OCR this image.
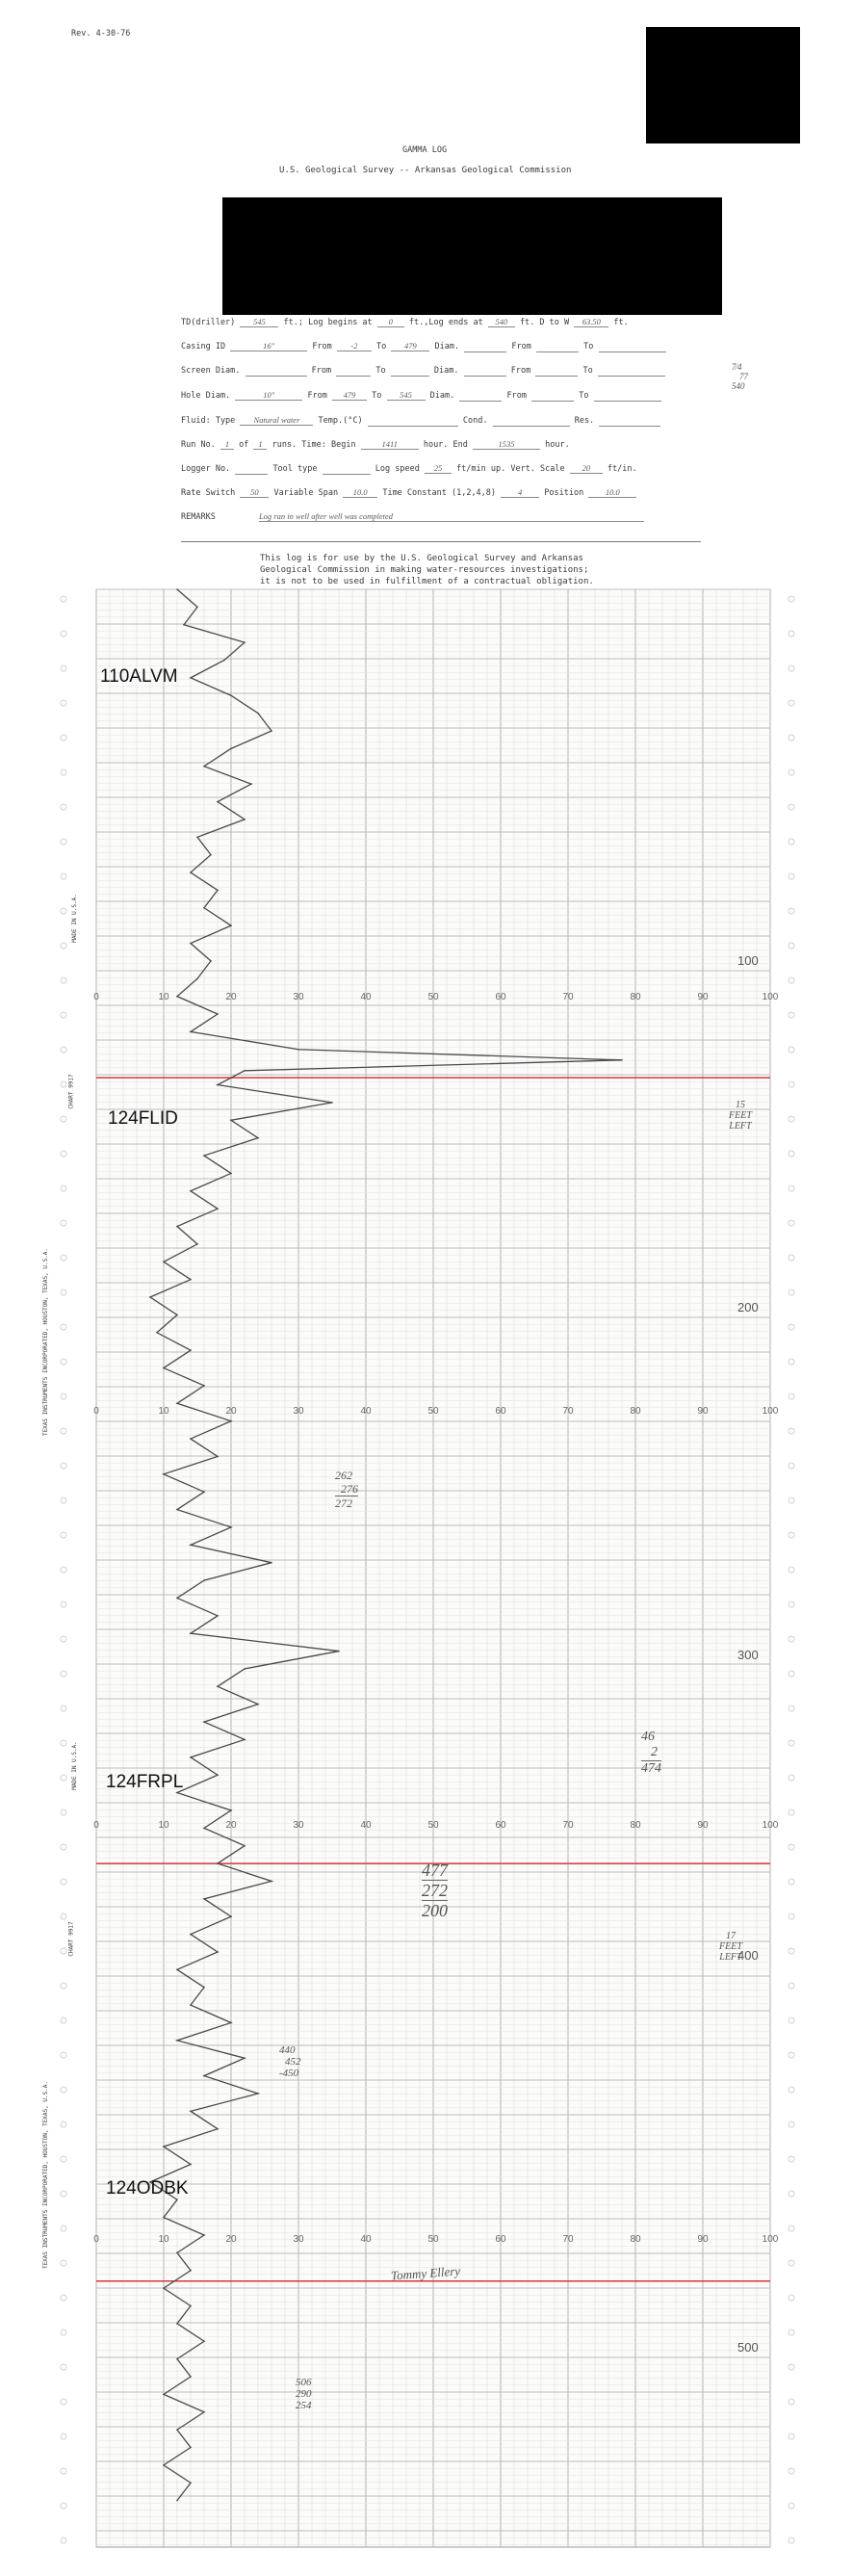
Rev. 4-30-76
GAMMA LOG
U.S. Geological Survey -- Arkansas Geological Commission
7⁄4
77
540
TD(driller) 545 ft.; Log begins at 0 ft.,Log ends at 540 ft. D to W 63.50 ft.
Casing ID	16"	From -2 To 479 Diam.	From	To
Screen Diam.	From	To	Diam.	From	To
Hole Diam.	10"	From 479 To 545 Diam.	From	To
Fluid: Type Natural water Temp.(°C)	Cond.	Res.
Run No. 1 of 1 runs. Time: Begin	1411	hour. End	1535	hour.
Logger No.	Tool type	Log speed 25 ft/min up. Vert. Scale 20 ft/in.
Rate Switch 50 Variable Span 10.0 Time Constant (1,2,4,8)	4	Position	10.0
REMARKS	Log ran in well after well was completed
This log is for use by the U.S. Geological Survey and Arkansas
Geological Commission in making water-resources investigations;
it is not to be used in fulfillment of a contractual obligation.
0	10	20	30	40	50	60	70	80	90	100
0	10	20	30	40	50	60	70	80	90	100
0	10	20	30	40	50	60	70	80	90	100
0	10	20	30	40	50	60	70	80	90	100
110ALVM
124FLID
124FRPL
124ODBK
100
200
300
400
500
15
FEET
LEFT
17
FEET
LEFT
262
276
272
46
2
474
477
272
200
440
452
-450
506
290
254
Tommy Ellery
MADE IN U.S.A.
CHART 9917
TEXAS INSTRUMENTS INCORPORATED, HOUSTON, TEXAS, U.S.A.
MADE IN U.S.A.
CHART 9917
TEXAS INSTRUMENTS INCORPORATED, HOUSTON, TEXAS, U.S.A.
